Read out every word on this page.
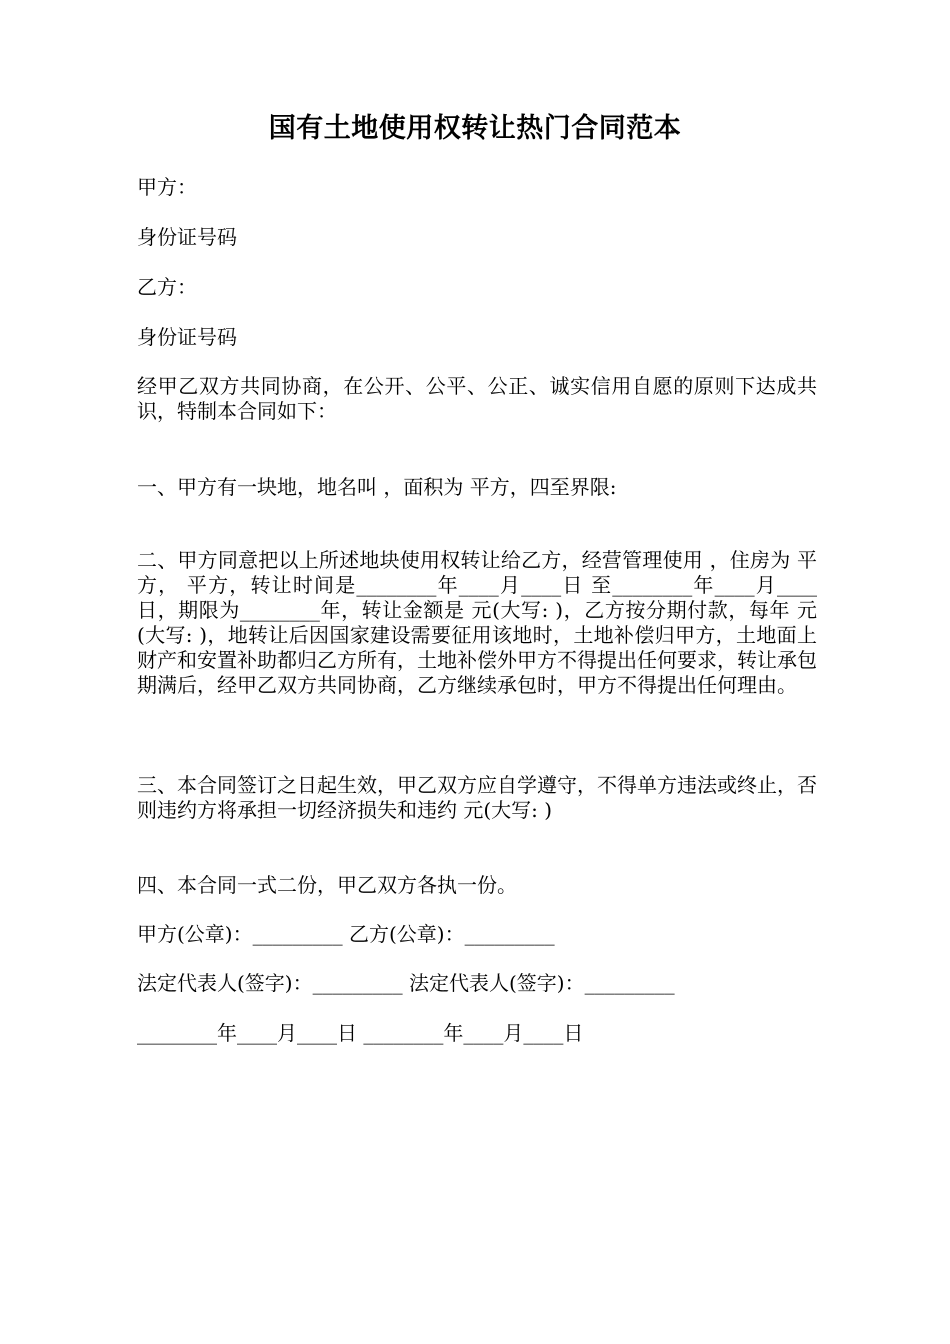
国有土地使用权转让热门合同范本
甲方：
身份证号码
乙方：
身份证号码
经甲乙双方共同协商，在公开、公平、公正、诚实信用自愿的原则下达成共识，特制本合同如下：
一、甲方有一块地，地名叫 ，面积为 平方，四至界限:
二、甲方同意把以上所述地块使用权转让给乙方，经营管理使用 ，住房为 平方， 平方，转让时间是________年____月____日 至________年____月____日，期限为________年，转让金额是 元(大写: )，乙方按分期付款，每年 元(大写: )，地转让后因国家建设需要征用该地时，土地补偿归甲方，土地面上财产和安置补助都归乙方所有，土地补偿外甲方不得提出任何要求，转让承包期满后，经甲乙双方共同协商，乙方继续承包时，甲方不得提出任何理由。
三、本合同签订之日起生效，甲乙双方应自学遵守，不得单方违法或终止，否则违约方将承担一切经济损失和违约 元(大写: )
四、本合同一式二份，甲乙双方各执一份。
甲方(公章)：_________ 乙方(公章)：_________
法定代表人(签字)：_________ 法定代表人(签字)：_________
________年____月____日 ________年____月____日
